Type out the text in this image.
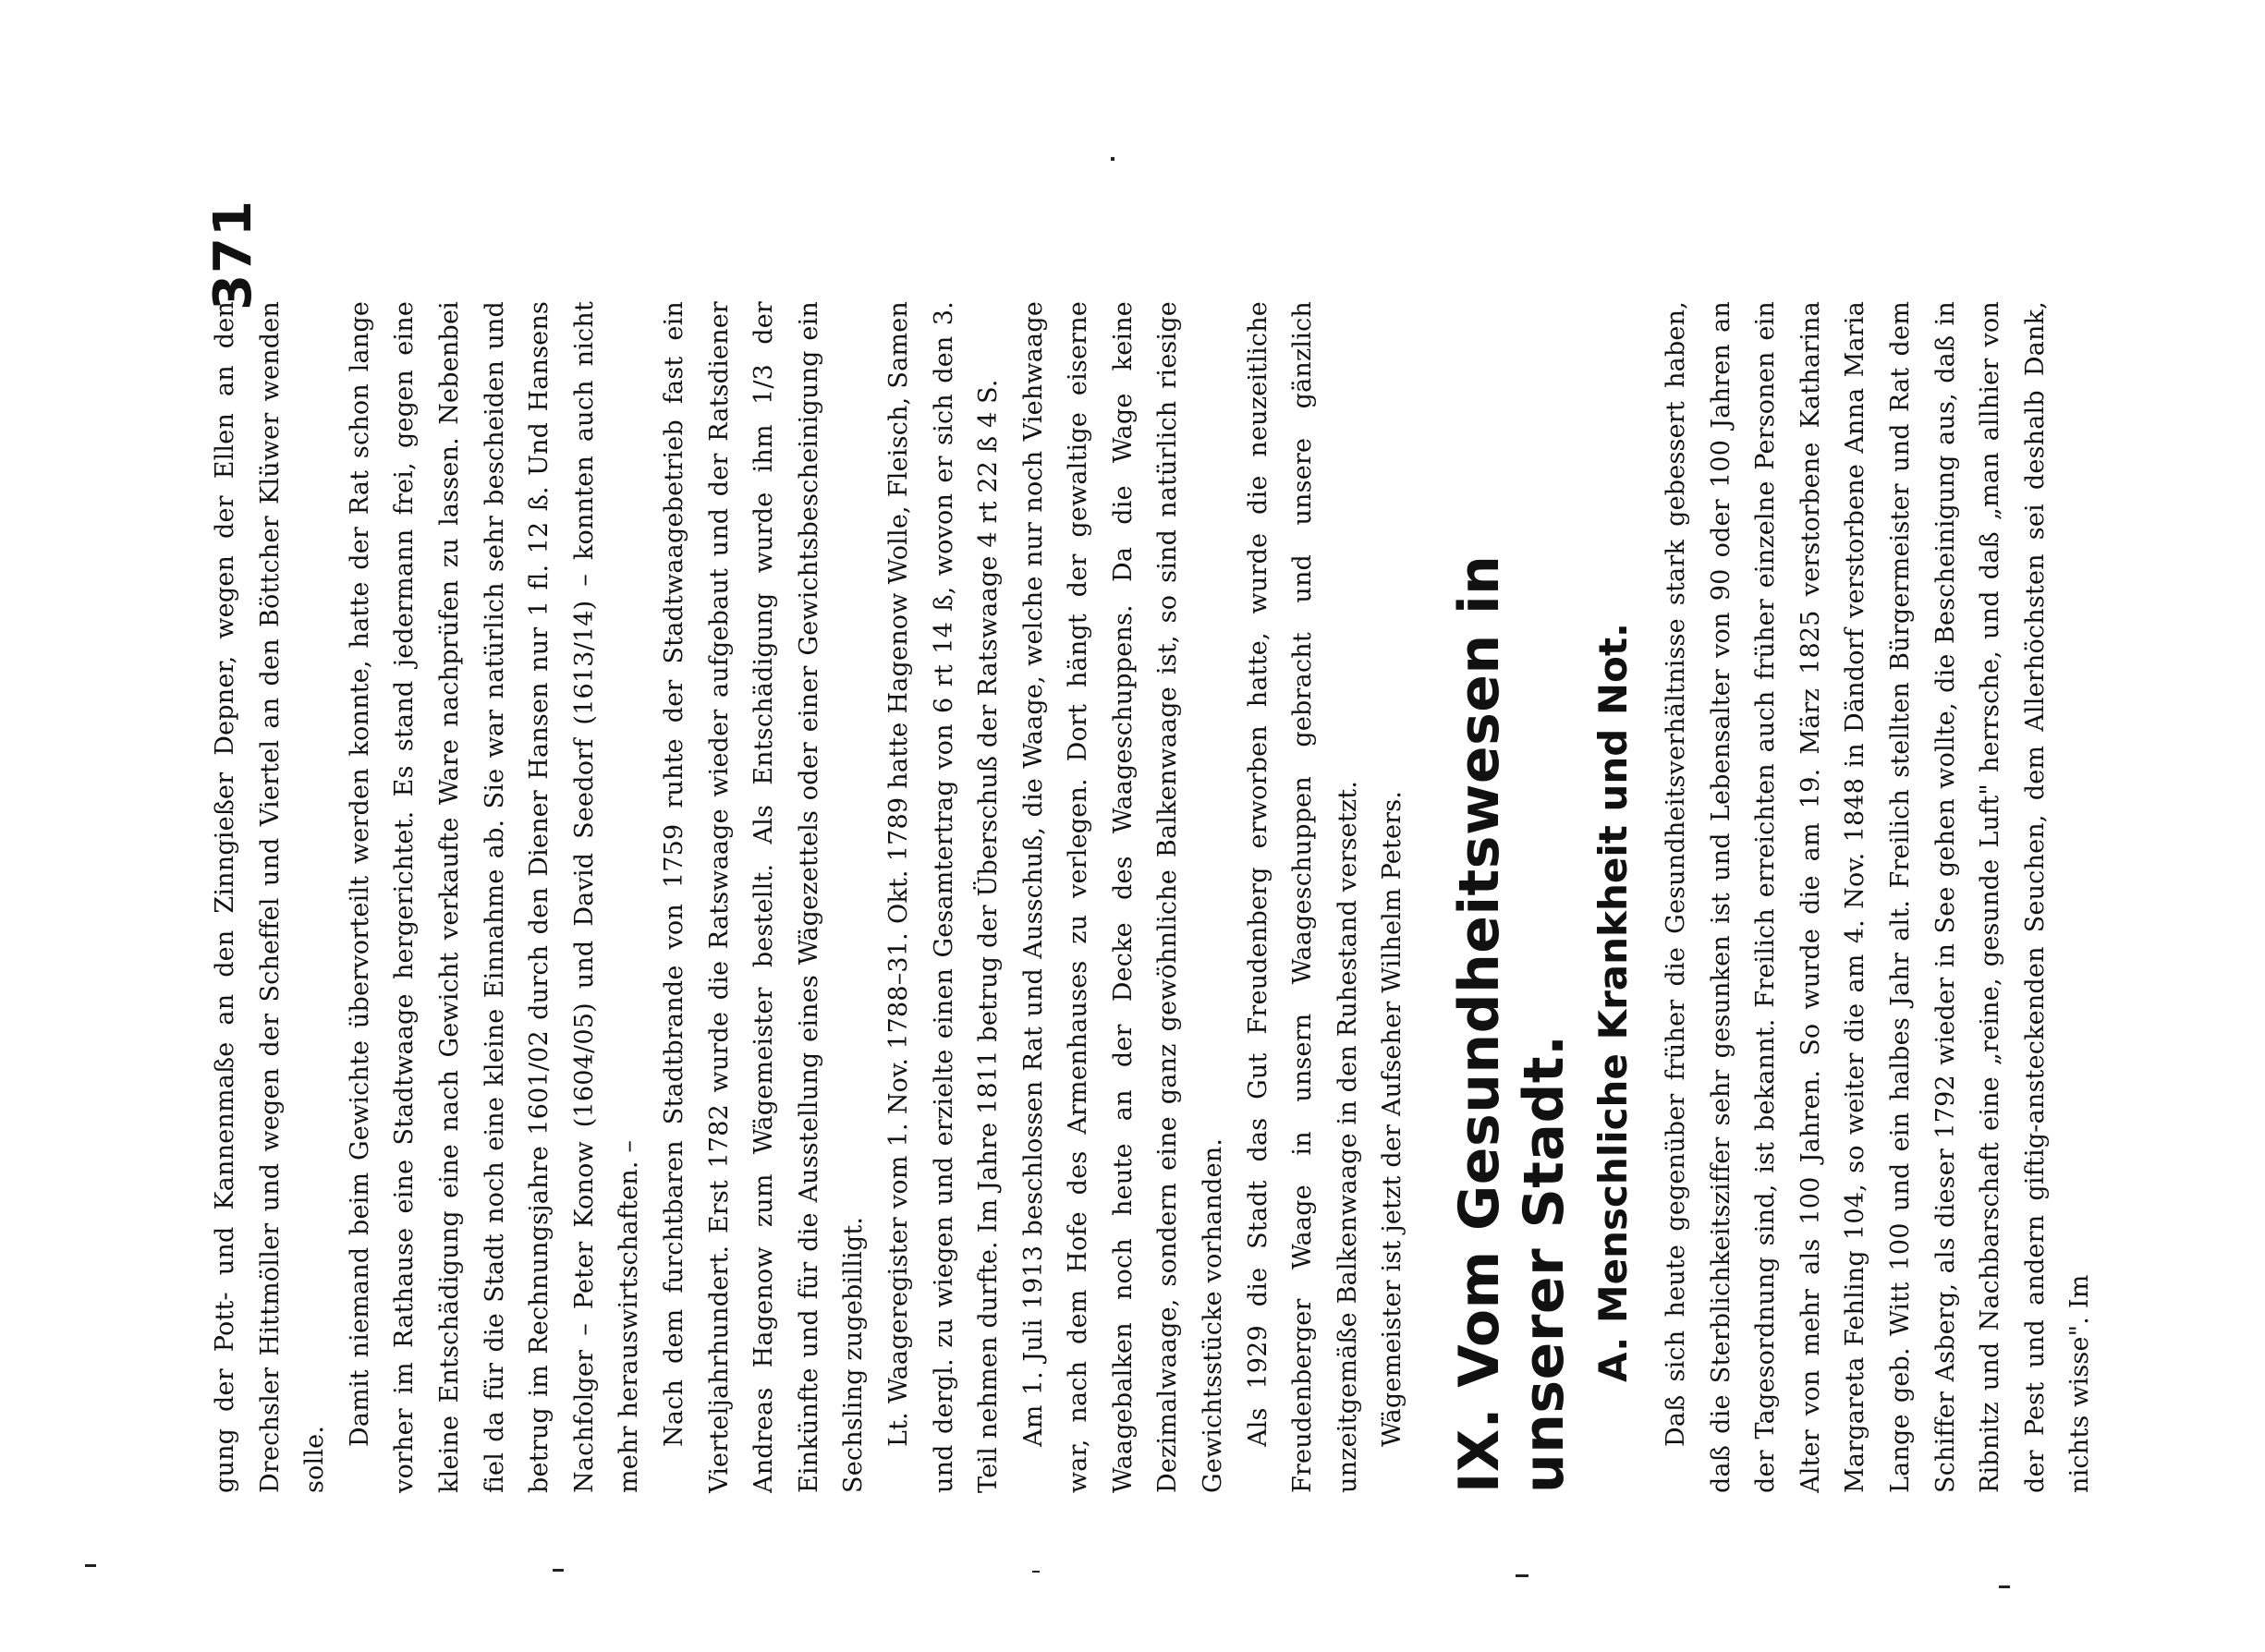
371

gung der Pott- und Kannenmaße an den Zinngießer Depner, wegen der Ellen an den Drechsler Hittmöller und wegen der Scheffel und Viertel an den Böttcher Klüwer wenden solle.

Damit niemand beim Gewichte übervorteilt werden konnte, hatte der Rat schon lange vorher im Rathause eine Stadtwaage hergerichtet. Es stand jedermann frei, gegen eine kleine Entschädigung eine nach Gewicht verkaufte Ware nachprüfen zu lassen. Nebenbei fiel da für die Stadt noch eine kleine Einnahme ab. Sie war natürlich sehr bescheiden und betrug im Rechnungsjahre 1601/02 durch den Diener Hansen nur 1 fl. 12 ß. Und Hansens Nachfolger – Peter Konow (1604/05) und David Seedorf (1613/14) – konnten auch nicht mehr herauswirtschaften. – Nach dem furchtbaren Stadtbrande von 1759 ruhte der Stadtwaagebetrieb fast ein Vierteljahrhundert. Erst 1782 wurde die Ratswaage wieder aufgebaut und der Ratsdiener Andreas Hagenow zum Wägemeister bestellt. Als Entschädigung wurde ihm 1/3 der Einkünfte und für die Ausstellung eines Wägezettels oder einer Gewichtsbescheinigung ein Sechsling zugebilligt. Lt. Waageregister vom 1. Nov. 1788–31. Okt. 1789 hatte Hagenow Wolle, Fleisch, Samen und dergl. zu wiegen und erzielte einen Gesamtertrag von 6 rt 14 ß, wovon er sich den 3. Teil nehmen durfte. Im Jahre 1811 betrug der Überschuß der Ratswaage 4 rt 22 ß 4 S. Am 1. Juli 1913 beschlossen Rat und Ausschuß, die Waage, welche nur noch Viehwaage war, nach dem Hofe des Armenhauses zu verlegen. Dort hängt der gewaltige eiserne Waagebalken noch heute an der Decke des Waageschuppens. Da die Wage keine Dezimalwaage, sondern eine ganz gewöhnliche Balkenwaage ist, so sind natürlich riesige Gewichtsstücke vorhanden. Als 1929 die Stadt das Gut Freudenberg erworben hatte, wurde die neuzeitliche Freudenberger Waage in unsern Waageschuppen gebracht und unsere gänzlich unzeitgemäße Balkenwaage in den Ruhestand versetzt. Wägemeister ist jetzt der Aufseher Wilhelm Peters. IX. Vom Gesundheitswesen in unserer Stadt. A. Menschliche Krankheit und Not. Daß sich heute gegenüber früher die Gesundheitsverhältnisse stark gebessert haben, daß die Sterblichkeitsziffer sehr gesunken ist und Lebensalter von 90 oder 100 Jahren an der Tagesordnung sind, ist bekannt. Freilich erreichten auch früher einzelne Personen ein Alter von mehr als 100 Jahren. So wurde die am 19. März 1825 verstorbene Katharina Margareta Fehling 104, so weiter die am 4. Nov. 1848 in Dändorf verstorbene Anna Maria Lange geb. Witt 100 und ein halbes Jahr alt. Freilich stellten Bürgermeister und Rat dem Schiffer Asberg, als dieser 1792 wieder in See gehen wollte, die Bescheinigung aus, daß in Ribnitz und Nachbarschaft eine „reine, gesunde Luft" herrsche, und daß „man allhier von der Pest und andern giftig-ansteckenden Seuchen, dem Allerhöchsten sei deshalb Dank, nichts wisse". Im
